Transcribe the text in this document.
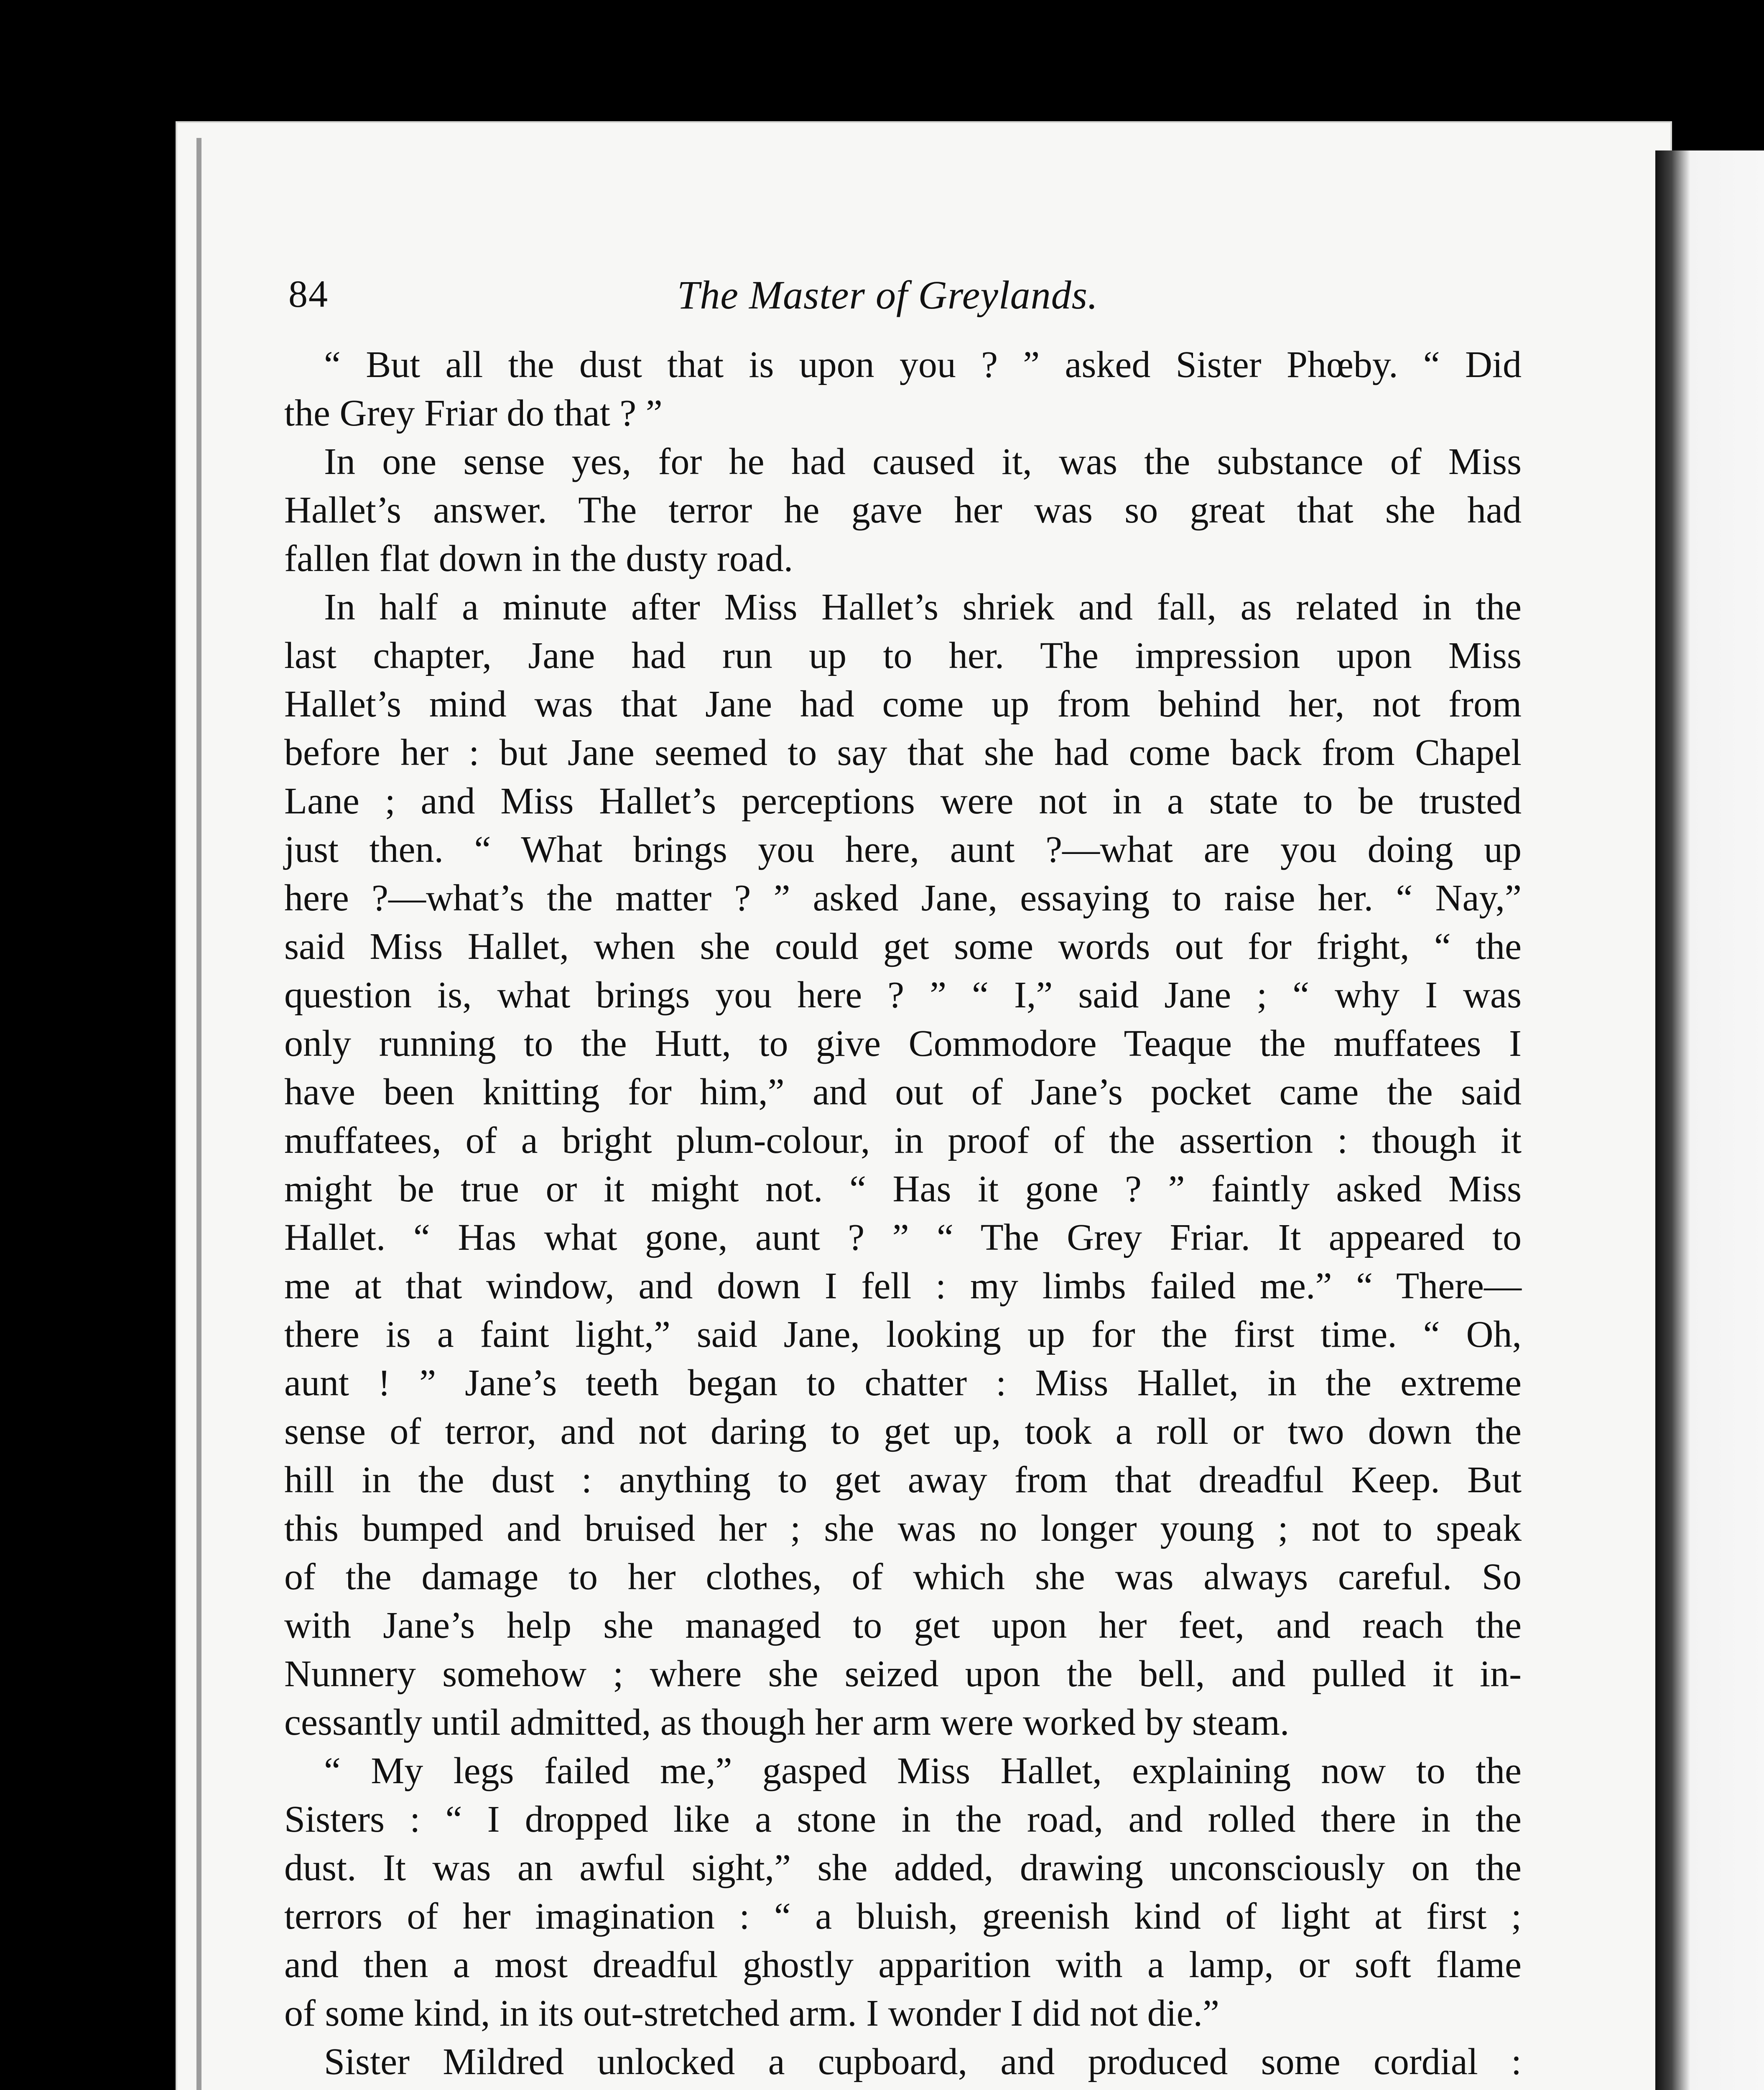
84	The Master of Greylands.
“ But all the dust that is upon you ? ” asked Sister Phœby. “ Did
the Grey Friar do that ? ”
In one sense yes, for he had caused it, was the substance of Miss
Hallet’s answer. The terror he gave her was so great that she had
fallen flat down in the dusty road.
In half a minute after Miss Hallet’s shriek and fall, as related in the
last chapter, Jane had run up to her. The impression upon Miss
Hallet’s mind was that Jane had come up from behind her, not from
before her : but Jane seemed to say that she had come back from Chapel
Lane ; and Miss Hallet’s perceptions were not in a state to be trusted
just then. “ What brings you here, aunt ?—what are you doing up
here ?—what’s the matter ? ” asked Jane, essaying to raise her. “ Nay,”
said Miss Hallet, when she could get some words out for fright, “ the
question is, what brings you here ? ” “ I,” said Jane ; “ why I was
only running to the Hutt, to give Commodore Teaque the muffatees I
have been knitting for him,” and out of Jane’s pocket came the said
muffatees, of a bright plum-colour, in proof of the assertion : though it
might be true or it might not. “ Has it gone ? ” faintly asked Miss
Hallet. “ Has what gone, aunt ? ” “ The Grey Friar. It appeared to
me at that window, and down I fell : my limbs failed me.” “ There—
there is a faint light,” said Jane, looking up for the first time. “ Oh,
aunt ! ” Jane’s teeth began to chatter : Miss Hallet, in the extreme
sense of terror, and not daring to get up, took a roll or two down the
hill in the dust : anything to get away from that dreadful Keep. But
this bumped and bruised her ; she was no longer young ; not to speak
of the damage to her clothes, of which she was always careful. So
with Jane’s help she managed to get upon her feet, and reach the
Nunnery somehow ; where she seized upon the bell, and pulled it in-
cessantly until admitted, as though her arm were worked by steam.
“ My legs failed me,” gasped Miss Hallet, explaining now to the
Sisters : “ I dropped like a stone in the road, and rolled there in the
dust. It was an awful sight,” she added, drawing unconsciously on the
terrors of her imagination : “ a bluish, greenish kind of light at first ;
and then a most dreadful ghostly apparition with a lamp, or soft flame
of some kind, in its out-stretched arm. I wonder I did not die.”
Sister Mildred unlocked a cupboard, and produced some cordial :
